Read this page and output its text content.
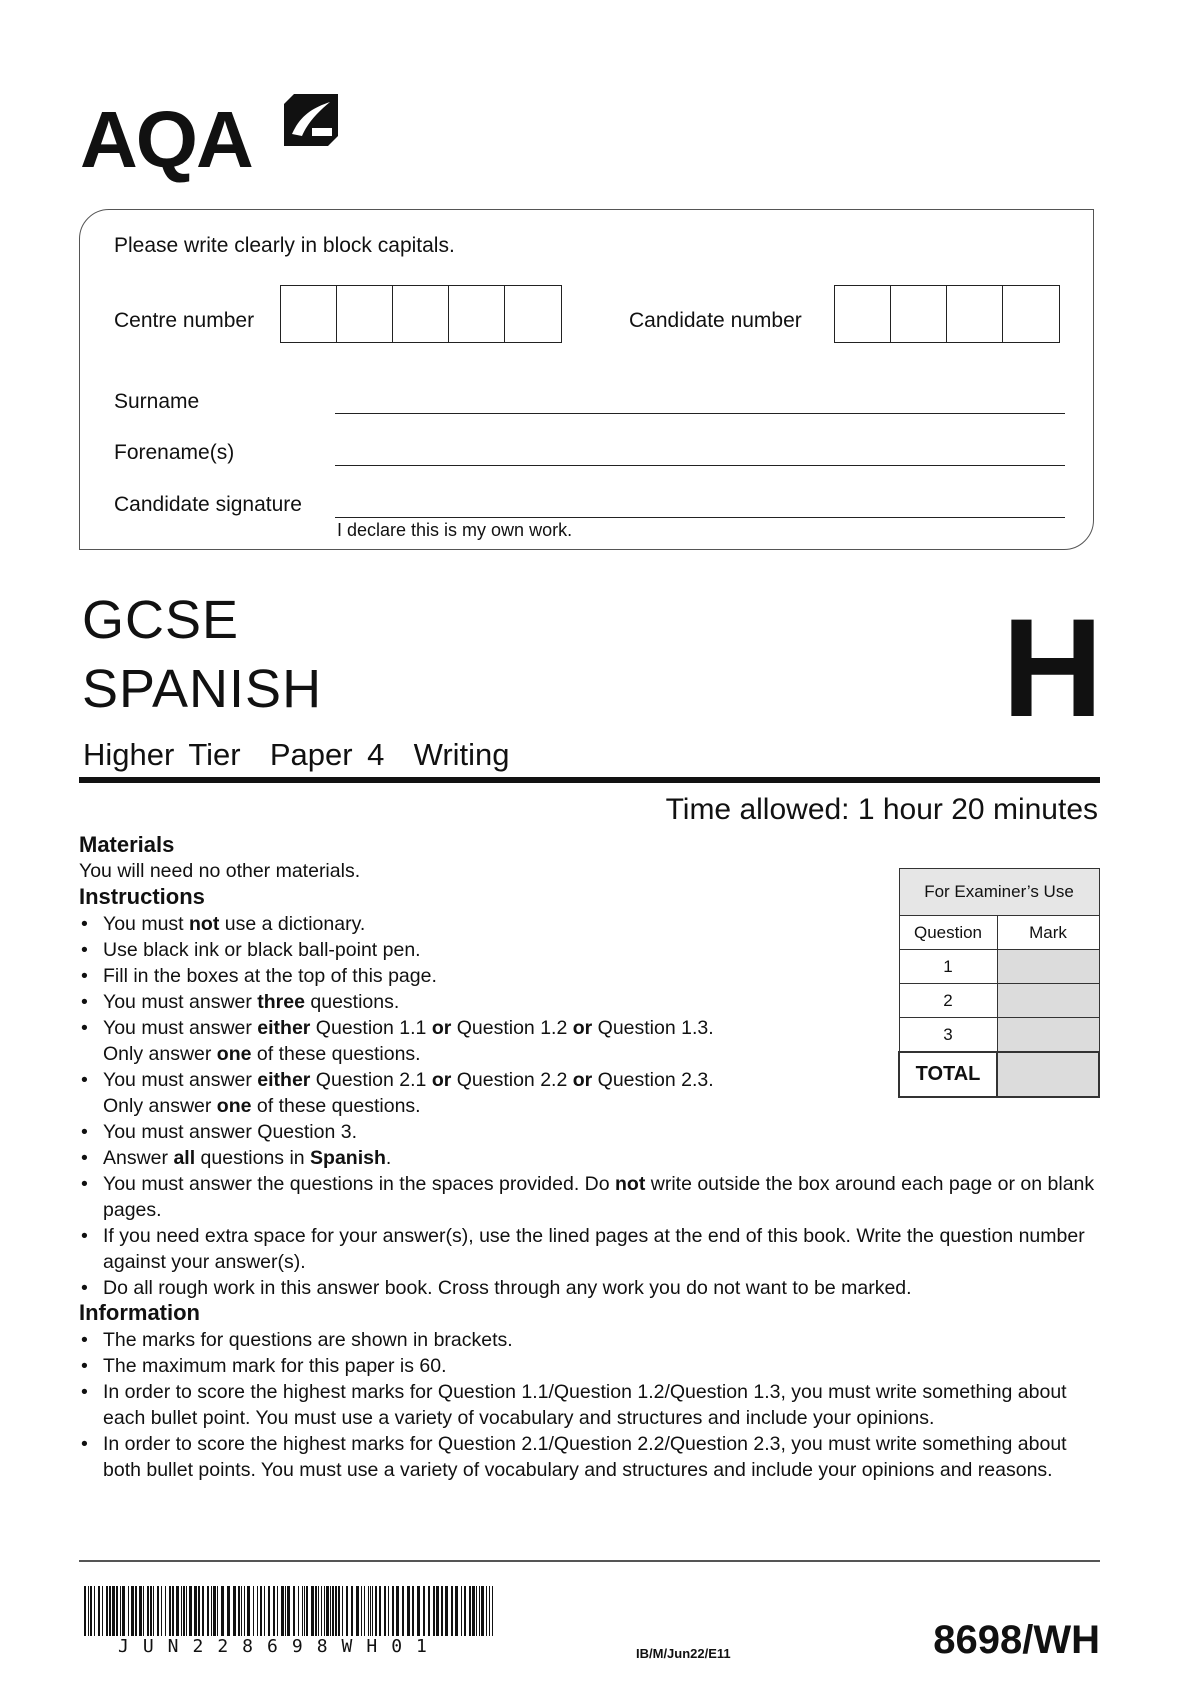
AQA
Please write clearly in block capitals.
Centre number	Candidate number
Surname
Forename(s)
Candidate signature
I declare this is my own work.
GCSE
SPANISH	H
Higher Tier  Paper 4  Writing
Time allowed: 1 hour 20 minutes
Materials
You will need no other materials.
Instructions
• You must not use a dictionary.
• Use black ink or black ball-point pen.
• Fill in the boxes at the top of this page.
• You must answer three questions.
• You must answer either Question 1.1 or Question 1.2 or Question 1.3.
Only answer one of these questions.
• You must answer either Question 2.1 or Question 2.2 or Question 2.3.
Only answer one of these questions.
• You must answer Question 3.
• Answer all questions in Spanish.
• You must answer the questions in the spaces provided. Do not write outside the box around each page or on blank pages.
• If you need extra space for your answer(s), use the lined pages at the end of this book. Write the question number against your answer(s).
• Do all rough work in this answer book. Cross through any work you do not want to be marked.
Information
• The marks for questions are shown in brackets.
• The maximum mark for this paper is 60.
• In order to score the highest marks for Question 1.1/Question 1.2/Question 1.3, you must write something about each bullet point. You must use a variety of vocabulary and structures and include your opinions.
• In order to score the highest marks for Question 2.1/Question 2.2/Question 2.3, you must write something about both bullet points. You must use a variety of vocabulary and structures and include your opinions and reasons.
For Examiner’s Use	
Question	Mark
1	
2	
3	
TOTAL	
JUN228698WH01	IB/M/Jun22/E11	8698/WH
